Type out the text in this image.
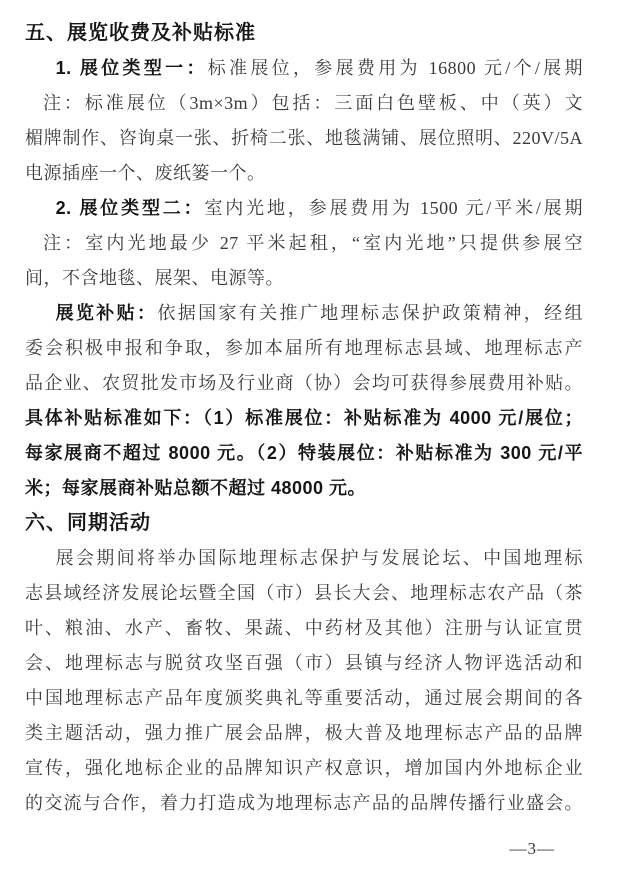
五、展览收费及补贴标准
1. 展位类型一：标准展位，参展费用为 16800 元/个/展期
注：标准展位（3m×3m）包括：三面白色壁板、中（英）文
楣牌制作、咨询桌一张、折椅二张、地毯满铺、展位照明、220V/5A
电源插座一个、废纸篓一个。
2. 展位类型二：室内光地，参展费用为 1500 元/平米/展期
注：室内光地最少 27 平米起租，“室内光地”只提供参展空
间，不含地毯、展架、电源等。
展览补贴：依据国家有关推广地理标志保护政策精神，经组
委会积极申报和争取，参加本届所有地理标志县域、地理标志产
品企业、农贸批发市场及行业商（协）会均可获得参展费用补贴。
具体补贴标准如下：（1）标准展位：补贴标准为 4000 元/展位；
每家展商不超过 8000 元。（2）特装展位：补贴标准为 300 元/平
米；每家展商补贴总额不超过 48000 元。
六、同期活动
展会期间将举办国际地理标志保护与发展论坛、中国地理标
志县域经济发展论坛暨全国（市）县长大会、地理标志农产品（茶
叶、粮油、水产、畜牧、果蔬、中药材及其他）注册与认证宣贯
会、地理标志与脱贫攻坚百强（市）县镇与经济人物评选活动和
中国地理标志产品年度颁奖典礼等重要活动，通过展会期间的各
类主题活动，强力推广展会品牌，极大普及地理标志产品的品牌
宣传，强化地标企业的品牌知识产权意识，增加国内外地标企业
的交流与合作，着力打造成为地理标志产品的品牌传播行业盛会。
—3—
